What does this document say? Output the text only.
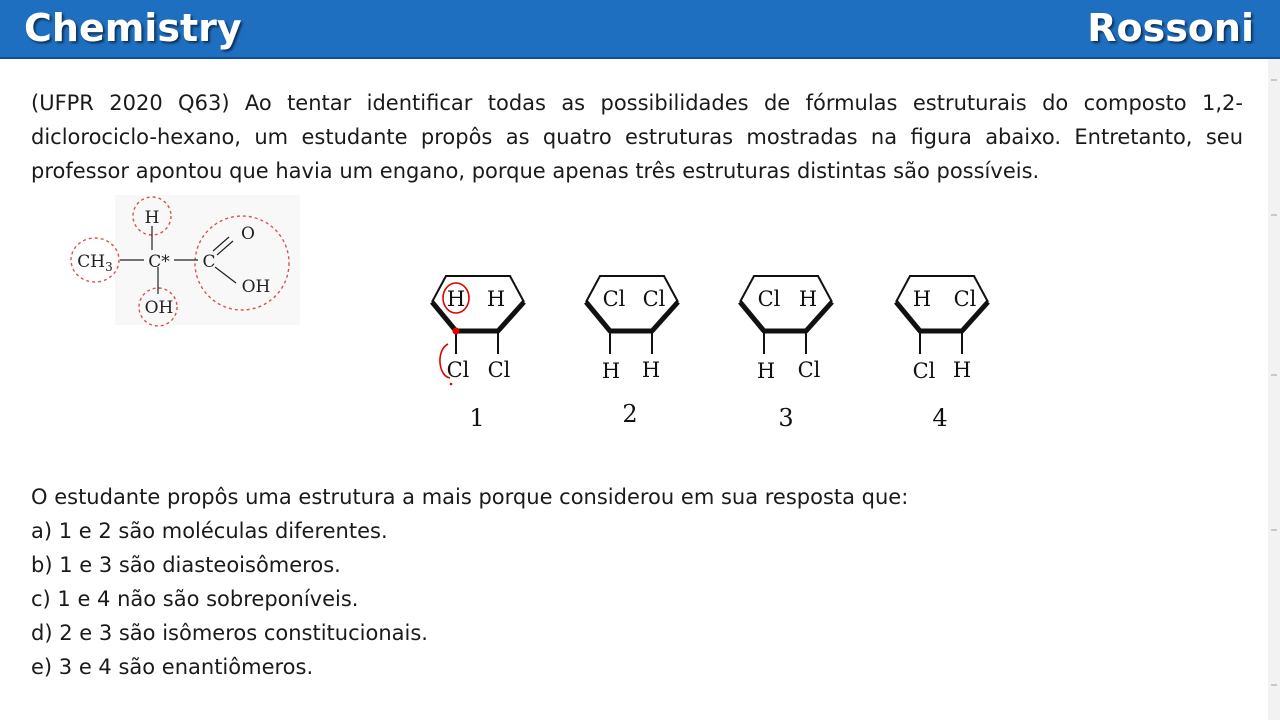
Chemistry	Rossoni
(UFPR 2020 Q63) Ao tentar identificar todas as possibilidades de fórmulas estruturais do composto 1,2-diclorociclo-hexano, um estudante propôs as quatro estruturas mostradas na figura abaixo. Entretanto, seu professor apontou que havia um engano, porque apenas três estruturas distintas são possíveis.
H
$CH_3$ C* C
O
OH
OH	H H
Cl Cl
1
Cl Cl
H H
2
Cl H
H Cl
3
H Cl
Cl H
4
O estudante propôs uma estrutura a mais porque considerou em sua resposta que:
a) 1 e 2 são moléculas diferentes.
b) 1 e 3 são diasteoisômeros.
c) 1 e 4 não são sobreponíveis.
d) 2 e 3 são isômeros constitucionais.
e) 3 e 4 são enantiômeros.
